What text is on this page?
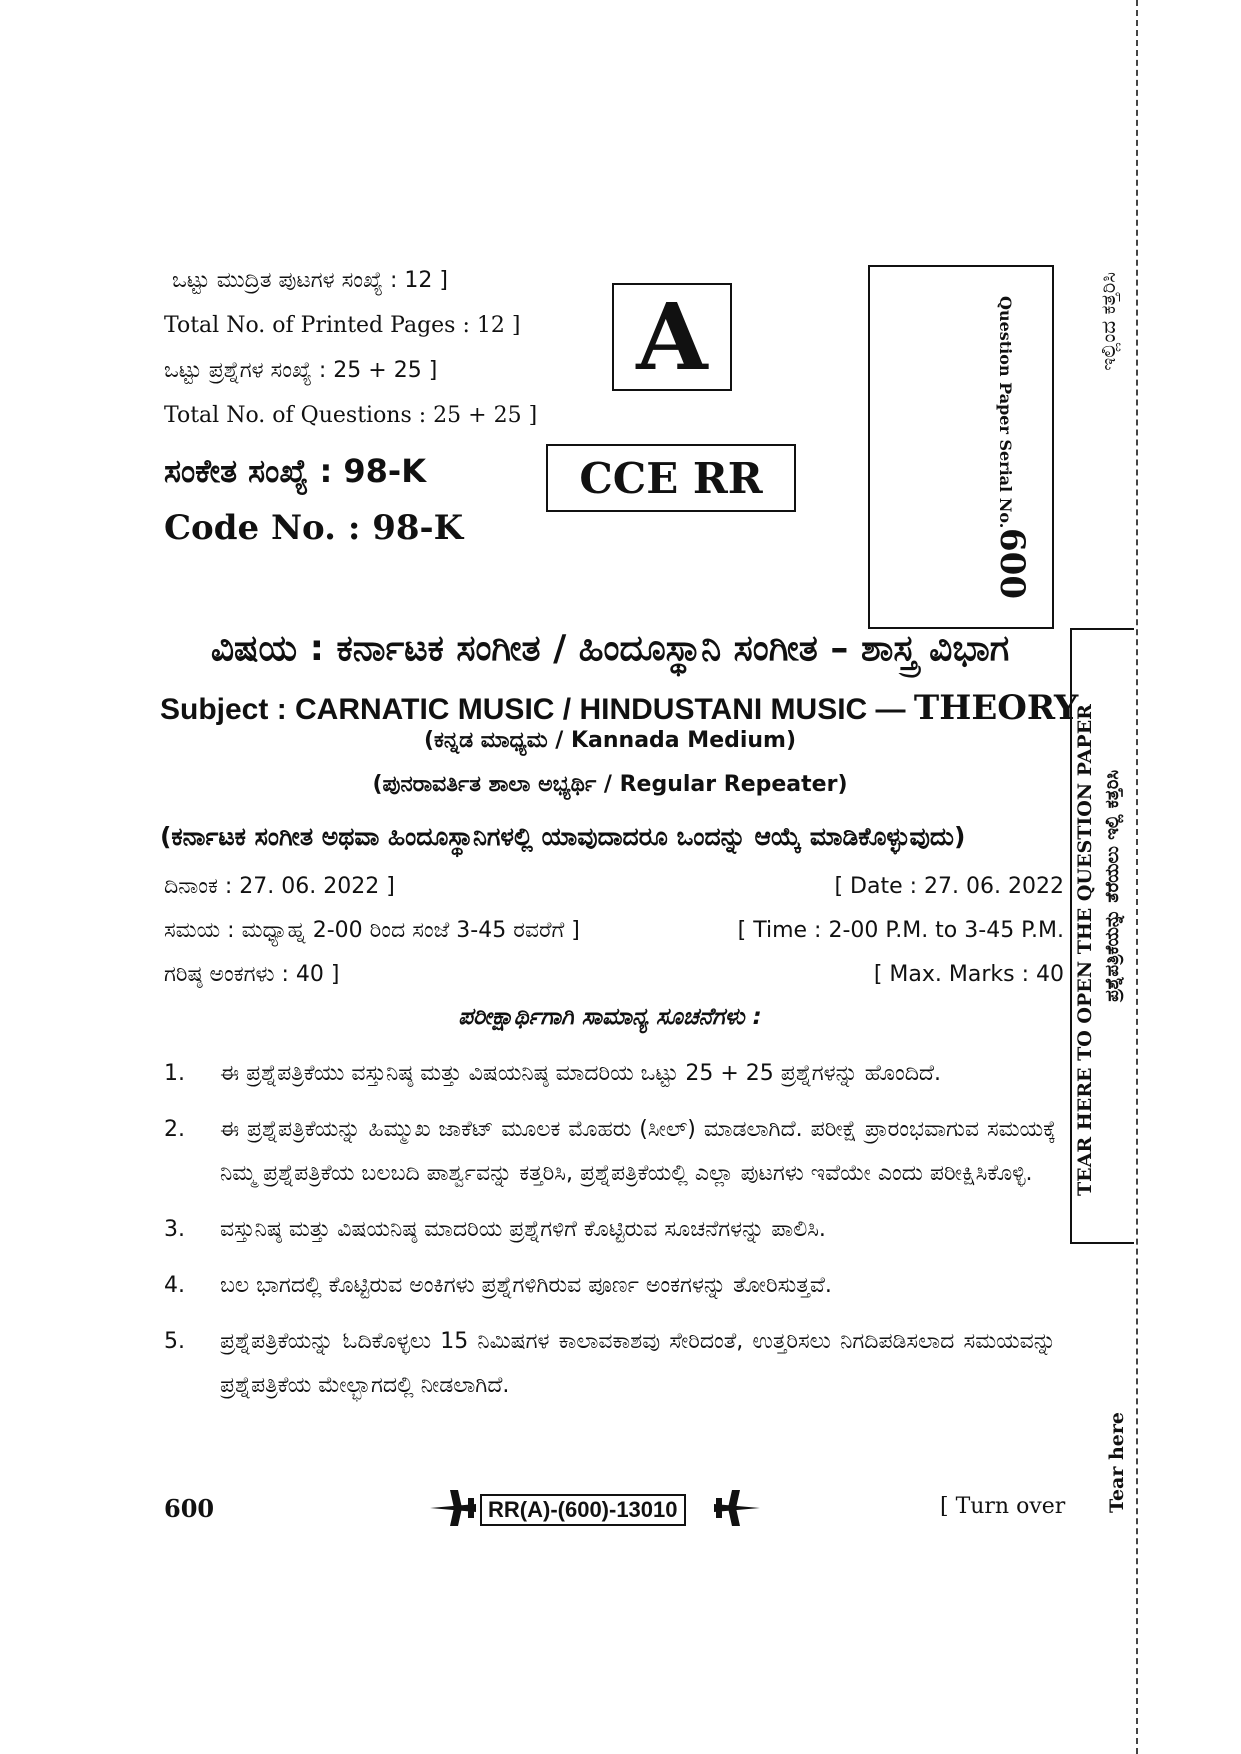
ಒಟ್ಟು ಮುದ್ರಿತ ಪುಟಗಳ ಸಂಖ್ಯೆ : 12 ]
Total No. of Printed Pages : 12 ]
ಒಟ್ಟು ಪ್ರಶ್ನೆಗಳ ಸಂಖ್ಯೆ : 25 + 25 ]
Total No. of Questions : 25 + 25 ]
ಸಂಕೇತ ಸಂಖ್ಯೆ : 98-K
Code No. : 98-K
A
CCE RR	Question Paper Serial No.
600
ಇಲ್ಲಿಂದ ಕತ್ತರಿಸಿ
TEAR HERE TO OPEN THE QUESTION PAPER ಪ್ರಶ್ನೆಪತ್ರಿಕೆಯನ್ನು ತೆರೆಯಲು ಇಲ್ಲಿ ಕತ್ತರಿಸಿ
Tear here
ವಿಷಯ : ಕರ್ನಾಟಕ ಸಂಗೀತ / ಹಿಂದೂಸ್ಥಾನಿ ಸಂಗೀತ – ಶಾಸ್ತ್ರ ವಿಭಾಗ
Subject : CARNATIC MUSIC / HINDUSTANI MUSIC — THEORY
(ಕನ್ನಡ ಮಾಧ್ಯಮ / Kannada Medium)
(ಪುನರಾವರ್ತಿತ ಶಾಲಾ ಅಭ್ಯರ್ಥಿ / Regular Repeater)
(ಕರ್ನಾಟಕ ಸಂಗೀತ ಅಥವಾ ಹಿಂದೂಸ್ಥಾನಿಗಳಲ್ಲಿ ಯಾವುದಾದರೂ ಒಂದನ್ನು ಆಯ್ಕೆ ಮಾಡಿಕೊಳ್ಳುವುದು)
ದಿನಾಂಕ : 27. 06. 2022 ]	[ Date : 27. 06. 2022
ಸಮಯ : ಮಧ್ಯಾಹ್ನ 2-00 ರಿಂದ ಸಂಜೆ 3-45 ರವರೆಗೆ ]	[ Time : 2-00 P.M. to 3-45 P.M.
ಗರಿಷ್ಠ ಅಂಕಗಳು : 40 ]	[ Max. Marks : 40
ಪರೀಕ್ಷಾರ್ಥಿಗಾಗಿ ಸಾಮಾನ್ಯ ಸೂಚನೆಗಳು :
1.	ಈ ಪ್ರಶ್ನೆಪತ್ರಿಕೆಯು ವಸ್ತುನಿಷ್ಠ ಮತ್ತು ವಿಷಯನಿಷ್ಠ ಮಾದರಿಯ ಒಟ್ಟು 25 + 25 ಪ್ರಶ್ನೆಗಳನ್ನು ಹೊಂದಿದೆ.
2.	ಈ ಪ್ರಶ್ನೆಪತ್ರಿಕೆಯನ್ನು ಹಿಮ್ಮುಖ ಜಾಕೆಟ್ ಮೂಲಕ ಮೊಹರು (ಸೀಲ್) ಮಾಡಲಾಗಿದೆ. ಪರೀಕ್ಷೆ ಪ್ರಾರಂಭವಾಗುವ ಸಮಯಕ್ಕೆ ನಿಮ್ಮ ಪ್ರಶ್ನೆಪತ್ರಿಕೆಯ ಬಲಬದಿ ಪಾರ್ಶ್ವವನ್ನು ಕತ್ತರಿಸಿ, ಪ್ರಶ್ನೆಪತ್ರಿಕೆಯಲ್ಲಿ ಎಲ್ಲಾ ಪುಟಗಳು ಇವೆಯೇ ಎಂದು ಪರೀಕ್ಷಿಸಿಕೊಳ್ಳಿ.
3.	ವಸ್ತುನಿಷ್ಠ ಮತ್ತು ವಿಷಯನಿಷ್ಠ ಮಾದರಿಯ ಪ್ರಶ್ನೆಗಳಿಗೆ ಕೊಟ್ಟಿರುವ ಸೂಚನೆಗಳನ್ನು ಪಾಲಿಸಿ.
4.	ಬಲ ಭಾಗದಲ್ಲಿ ಕೊಟ್ಟಿರುವ ಅಂಕಿಗಳು ಪ್ರಶ್ನೆಗಳಿಗಿರುವ ಪೂರ್ಣ ಅಂಕಗಳನ್ನು ತೋರಿಸುತ್ತವೆ.
5.	ಪ್ರಶ್ನೆಪತ್ರಿಕೆಯನ್ನು ಓದಿಕೊಳ್ಳಲು 15 ನಿಮಿಷಗಳ ಕಾಲಾವಕಾಶವು ಸೇರಿದಂತೆ, ಉತ್ತರಿಸಲು ನಿಗದಿಪಡಿಸಲಾದ ಸಮಯವನ್ನು ಪ್ರಶ್ನೆಪತ್ರಿಕೆಯ ಮೇಲ್ಭಾಗದಲ್ಲಿ ನೀಡಲಾಗಿದೆ.
600	RR(A)-(600)-13010	[ Turn over
